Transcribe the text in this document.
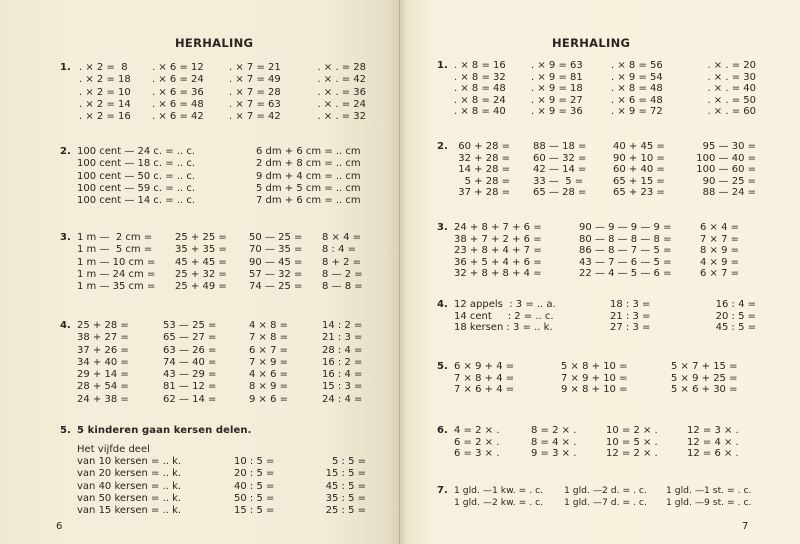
HERHALING
1. . × 2 =  8
. × 2 = 18
. × 2 = 10
. × 2 = 14
. × 2 = 16
. × 6 = 12
. × 6 = 24
. × 6 = 36
. × 6 = 48
. × 6 = 42
. × 7 = 21
. × 7 = 49
. × 7 = 28
. × 7 = 63
. × 7 = 42
. × . = 28
. × . = 42
. × . = 36
. × . = 24
. × . = 32
2. 100 cent — 24 c. = .. c.
100 cent — 18 c. = .. c.
100 cent — 50 c. = .. c.
100 cent — 59 c. = .. c.
100 cent — 14 c. = .. c.
6 dm + 6 cm = .. cm
2 dm + 8 cm = .. cm
9 dm + 4 cm = .. cm
5 dm + 5 cm = .. cm
7 dm + 6 cm = .. cm
3. 1 m —  2 cm =
1 m —  5 cm =
1 m — 10 cm =
1 m — 24 cm =
1 m — 35 cm =
25 + 25 =
35 + 35 =
45 + 45 =
25 + 32 =
25 + 49 =
50 — 25 =
70 — 35 =
90 — 45 =
57 — 32 =
74 — 25 =
8 × 4 =
8 : 4 =
8 + 2 =
8 — 2 =
8 — 8 =
4. 25 + 28 =
38 + 27 =
37 + 26 =
34 + 40 =
29 + 14 =
28 + 54 =
24 + 38 =
53 — 25 =
65 — 27 =
63 — 26 =
74 — 40 =
43 — 29 =
81 — 12 =
62 — 14 =
4 × 8 =
7 × 8 =
6 × 7 =
7 × 9 =
4 × 6 =
8 × 9 =
9 × 6 =
14 : 2 =
21 : 3 =
28 : 4 =
16 : 2 =
16 : 4 =
15 : 3 =
24 : 4 =
5. 5 kinderen gaan kersen delen.
Het vijfde deel
van 10 kersen = .. k.
van 20 kersen = .. k.
van 40 kersen = .. k.
van 50 kersen = .. k.
van 15 kersen = .. k.
10 : 5 =
20 : 5 =
40 : 5 =
50 : 5 =
15 : 5 =
5 : 5 =
15 : 5 =
45 : 5 =
35 : 5 =
25 : 5 =
6
HERHALING
1. . × 8 = 16
. × 8 = 32
. × 8 = 48
. × 8 = 24
. × 8 = 40
. × 9 = 63
. × 9 = 81
. × 9 = 18
. × 9 = 27
. × 9 = 36
. × 8 = 56
. × 9 = 54
. × 8 = 48
. × 6 = 48
. × 9 = 72
. × . = 20
. × . = 30
. × . = 40
. × . = 50
. × . = 60
2.	60 + 28 =
32 + 28 =
14 + 28 =
5 + 28 =
37 + 28 =
88 — 18 =
60 — 32 =
42 — 14 =
33 —  5 =
65 — 28 =
40 + 45 =
90 + 10 =
60 + 40 =
65 + 15 =
65 + 23 =
95 — 30 =
100 — 40 =
100 — 60 =
90 — 25 =
88 — 24 =
3. 24 + 8 + 7 + 6 =
38 + 7 + 2 + 6 =
23 + 8 + 4 + 7 =
36 + 5 + 4 + 6 =
32 + 8 + 8 + 4 =
90 — 9 — 9 — 9 =
80 — 8 — 8 — 8 =
86 — 8 — 7 — 5 =
43 — 7 — 6 — 5 =
22 — 4 — 5 — 6 =
6 × 4 =
7 × 7 =
8 × 9 =
4 × 9 =
6 × 7 =
4. 12 appels  : 3 = .. a.
14 cent     : 2 = .. c.
18 kersen : 3 = .. k.
18 : 3 =
21 : 3 =
27 : 3 =
16 : 4 =
20 : 5 =
45 : 5 =
5. 6 × 9 + 4 =
7 × 8 + 4 =
7 × 6 + 4 =
5 × 8 + 10 =
7 × 9 + 10 =
9 × 8 + 10 =
5 × 7 + 15 =
5 × 9 + 25 =
5 × 6 + 30 =
6. 4 = 2 × .
6 = 2 × .
6 = 3 × .
8 = 2 × .
8 = 4 × .
9 = 3 × .
10 = 2 × .
10 = 5 × .
12 = 2 × .
12 = 3 × .
12 = 4 × .
12 = 6 × .
7. 1 gld. —1 kw. = . c.
1 gld. —2 kw. = . c.
1 gld. —2 d. = . c.
1 gld. —7 d. = . c.
1 gld. —1 st. = . c.
1 gld. —9 st. = . c.
7
